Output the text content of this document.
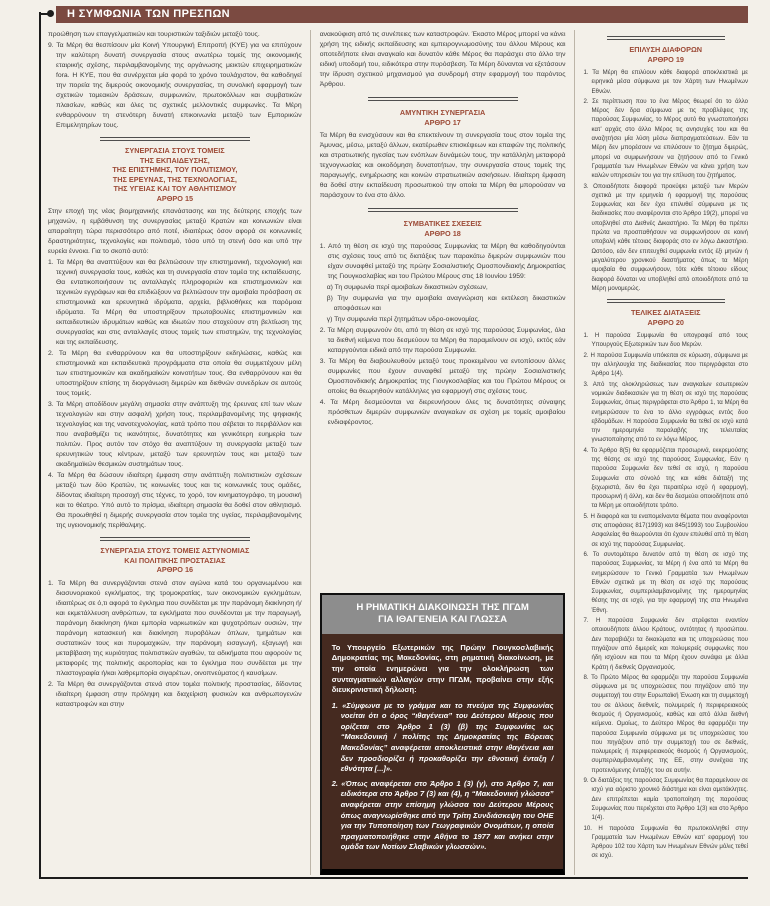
Η ΣΥΜΦΩΝΙΑ ΤΩΝ ΠΡΕΣΠΩΝ

προώθηση των επαγγελματικών και τουριστικών ταξιδιών μεταξύ τους.

9. Τα Μέρη θα θεσπίσουν μία Κοινή Υπουργική Επιτροπή (ΚΥΕ) για να επιτύχουν την καλύτερη δυνατή συνεργασία στους ανωτέρω τομείς της οικονομικής εταιρικής σχέσης, περιλαμβανομένης της οργάνωσης μεικτών επιχειρηματικών fora. Η ΚΥΕ, που θα συνέρχεται μία φορά το χρόνο τουλάχιστον, θα καθοδηγεί την πορεία της διμερούς οικονομικής συνεργασίας, τη συνολική εφαρμογή των σχετικών τομεακών δράσεων, συμφωνιών, πρωτοκόλλων και συμβατικών πλαισίων, καθώς και όλες τις σχετικές μελλοντικές συμφωνίες. Τα Μέρη ενθαρρύνουν τη στενότερη δυνατή επικοινωνία μεταξύ των Εμπορικών Επιμελητηρίων τους.

ΣΥΝΕΡΓΑΣΙΑ ΣΤΟΥΣ ΤΟΜΕΙΣ
ΤΗΣ ΕΚΠΑΙΔΕΥΣΗΣ,
ΤΗΣ ΕΠΙΣΤΗΜΗΣ, ΤΟΥ ΠΟΛΙΤΙΣΜΟΥ,
ΤΗΣ ΕΡΕΥΝΑΣ, ΤΗΣ ΤΕΧΝΟΛΟΓΙΑΣ,
ΤΗΣ ΥΓΕΙΑΣ ΚΑΙ ΤΟΥ ΑΘΛΗΤΙΣΜΟΥ
ΑΡΘΡΟ 15

Στην εποχή της νέας βιομηχανικής επανάστασης και της δεύτερης εποχής των μηχανών, η εμβάθυνση της συνεργασίας μεταξύ Κρατών και κοινωνιών είναι απαραίτητη τώρα περισσότερο από ποτέ, ιδιαιτέρως όσον αφορά σε κοινωνικές δραστηριότητες, τεχνολογίες και πολιτισμό, τόσο υπό τη στενή όσο και υπό την ευρεία έννοια. Για το σκοπό αυτό:

1. Τα Μέρη θα αναπτύξουν και θα βελτιώσουν την επιστημονική, τεχνολογική και τεχνική συνεργασία τους, καθώς και τη συνεργασία στον τομέα της εκπαίδευσης. Θα εντατικοποιήσουν τις ανταλλαγές πληροφοριών και επιστημονικών και τεχνικών εγγράφων και θα επιδιώξουν να βελτιώσουν την αμοιβαία πρόσβαση σε επιστημονικά και ερευνητικά ιδρύματα, αρχεία, βιβλιοθήκες και παρόμοια ιδρύματα. Τα Μέρη θα υποστηρίξουν πρωτοβουλίες επιστημονικών και εκπαιδευτικών ιδρυμάτων καθώς και ιδιωτών που στοχεύουν στη βελτίωση της συνεργασίας και στις ανταλλαγές στους τομείς των επιστημών, της τεχνολογίας και της εκπαίδευσης.

2. Τα Μέρη θα ενθαρρύνουν και θα υποστηρίξουν εκδηλώσεις, καθώς και επιστημονικά και εκπαιδευτικά προγράμματα στα οποία θα συμμετέχουν μέλη των επιστημονικών και ακαδημαϊκών κοινοτήτων τους. Θα ενθαρρύνουν και θα υποστηρίζουν επίσης τη διοργάνωση διμερών και διεθνών συνεδρίων σε αυτούς τους τομείς.

3. Τα Μέρη αποδίδουν μεγάλη σημασία στην ανάπτυξη της έρευνας επί των νέων τεχνολογιών και στην ασφαλή χρήση τους, περιλαμβανομένης της ψηφιακής τεχνολογίας και της νανοτεχνολογίας, κατά τρόπο που σέβεται το περιβάλλον και που αναβαθμίζει τις ικανότητες, δυνατότητες και γενικότερη ευημερία των πολιτών. Προς αυτόν τον στόχο θα αναπτύξουν τη συνεργασία μεταξύ των ερευνητικών τους κέντρων, μεταξύ των ερευνητών τους και μεταξύ των ακαδημαϊκών θεσμικών συστημάτων τους.

4. Τα Μέρη θα δώσουν ιδιαίτερη έμφαση στην ανάπτυξη πολιτιστικών σχέσεων μεταξύ των δύο Κρατών, τις κοινωνίες τους και τις κοινωνικές τους ομάδες, δίδοντας ιδιαίτερη προσοχή στις τέχνες, το χορό, τον κινηματογράφο, τη μουσική και το θέατρο. Υπό αυτό το πρίσμα, ιδιαίτερη σημασία θα δοθεί στον αθλητισμό. Θα προωθηθεί η διμερής συνεργασία στον τομέα της υγείας, περιλαμβανομένης της υγειονομικής περίθαλψης.

ΣΥΝΕΡΓΑΣΙΑ ΣΤΟΥΣ ΤΟΜΕΙΣ ΑΣΤΥΝΟΜΙΑΣ
ΚΑΙ ΠΟΛΙΤΙΚΗΣ ΠΡΟΣΤΑΣΙΑΣ
ΑΡΘΡΟ 16

1. Τα Μέρη θα συνεργάζονται στενά στον αγώνα κατά του οργανωμένου και διασυνοριακού εγκλήματος, της τρομοκρατίας, των οικονομικών εγκλημάτων, ιδιαιτέρως σε ό,τι αφορά το έγκλημα που συνδέεται με την παράνομη διακίνηση ή/ και εκμετάλλευση ανθρώπων, τα εγκλήματα που συνδέονται με την παραγωγή, παράνομη διακίνηση ή/και εμπορία ναρκωτικών και ψυχοτρόπων ουσιών, την παράνομη κατασκευή και διακίνηση πυροβόλων όπλων, τμημάτων και συστατικών τους και πυρομαχικών, την παράνομη εισαγωγή, εξαγωγή και μεταβίβαση της κυριότητας πολιτιστικών αγαθών, τα αδικήματα που αφορούν τις μεταφορές της πολιτικής αεροπορίας και το έγκλημα που συνδέεται με την πλαστογραφία ή/και λαθρεμπορία σιγαρέτων, οινοπνεύματος ή καυσίμων.

2. Τα Μέρη θα συνεργάζονται στενά στον τομέα πολιτικής προστασίας, δίδοντας ιδιαίτερη έμφαση στην πρόληψη και διαχείριση φυσικών και ανθρωπογενών καταστροφών και στην

ανακούφιση από τις συνέπειες των καταστροφών. Έκαστο Μέρος μπορεί να κάνει χρήση της ειδικής εκπαίδευσης και εμπειρογνωμοσύνης του άλλου Μέρους και οποτεδήποτε είναι αναγκαίο και δυνατόν κάθε Μέρος θα παράσχει στο άλλο την ειδική υποδομή του, ειδικότερα στην πυρόσβεση. Τα Μέρη δύνανται να εξετάσουν την ίδρυση σχετικού μηχανισμού για συνδρομή στην εφαρμογή του παρόντος Άρθρου.

ΑΜΥΝΤΙΚΗ ΣΥΝΕΡΓΑΣΙΑ
ΑΡΘΡΟ 17

Τα Μέρη θα ενισχύσουν και θα επεκτείνουν τη συνεργασία τους στον τομέα της Άμυνας, μέσω, μεταξύ άλλων, εκατέρωθεν επισκέψεων και επαφών της πολιτικής και στρατιωτικής ηγεσίας των ενόπλων δυνάμεών τους, την κατάλληλη μεταφορά τεχνογνωσίας και οικοδόμηση δυνατοτήτων, την συνεργασία στους τομείς της παραγωγής, ενημέρωσης και κοινών στρατιωτικών ασκήσεων. Ιδιαίτερη έμφαση θα δοθεί στην εκπαίδευση προσωπικού την οποία τα Μέρη θα μπορούσαν να παράσχουν το ένα στο άλλο.

ΣΥΜΒΑΤΙΚΕΣ ΣΧΕΣΕΙΣ
ΑΡΘΡΟ 18

1. Από τη θέση σε ισχύ της παρούσας Συμφωνίας τα Μέρη θα καθοδηγούνται στις σχέσεις τους από τις διατάξεις των παρακάτω διμερών συμφωνιών που είχαν συναφθεί μεταξύ της πρώην Σοσιαλιστικής Ομοσπονδιακής Δημοκρατίας της Γιουγκοσλαβίας και του Πρώτου Μέρους στις 18 Ιουνίου 1959:

α) Τη συμφωνία περί αμοιβαίων δικαστικών σχέσεων,

β) Την συμφωνία για την αμοιβαία αναγνώριση και εκτέλεση δικαστικών αποφάσεων και

γ) Την συμφωνία περί ζητημάτων υδρο-οικονομίας.

2. Τα Μέρη συμφωνούν ότι, από τη θέση σε ισχύ της παρούσας Συμφωνίας, όλα τα διεθνή κείμενα που δεσμεύουν τα Μέρη θα παραμείνουν σε ισχύ, εκτός εάν καταργούνται ειδικά από την παρούσα Συμφωνία.

3. Τα Μέρη θα διαβουλευθούν μεταξύ τους προκειμένου να εντοπίσουν άλλες συμφωνίες που έχουν συναφθεί μεταξύ της πρώην Σοσιαλιστικής Ομοσπονδιακής Δημοκρατίας της Γιουγκοσλαβίας και του Πρώτου Μέρους οι οποίες θα θεωρηθούν κατάλληλες για εφαρμογή στις σχέσεις τους.

4. Τα Μέρη δεσμεύονται να διερευνήσουν όλες τις δυνατότητες σύναψης πρόσθετων διμερών συμφωνιών αναγκαίων σε σχέση με τομείς αμοιβαίου ενδιαφέροντος.

Η ΡΗΜΑΤΙΚΗ ΔΙΑΚΟΙΝΩΣΗ ΤΗΣ ΠΓΔΜ
ΓΙΑ ΙΘΑΓΕΝΕΙΑ ΚΑΙ ΓΛΩΣΣΑ

Το Υπουργείο Εξωτερικών της Πρώην Γιουγκοσλαβικής Δημοκρατίας της Μακεδονίας, στη ρηματική διακοίνωση, με την οποία ενημερώνει για την ολοκλήρωση των συνταγματικών αλλαγών στην ΠΓΔΜ, προβαίνει στην εξής διευκρινιστική δήλωση:

1. «Σύμφωνα με το γράμμα και το πνεύμα της Συμφωνίας νοείται ότι ο όρος “ιθαγένεια” του Δεύτερου Μέρους που ορίζεται στο Άρθρο 1 (3) (β) της Συμφωνίας ως “Μακεδονική / πολίτης της Δημοκρατίας της Βόρειας Μακεδονίας” αναφέρεται αποκλειστικά στην ιθαγένεια και δεν προσδιορίζει ή προκαθορίζει την εθνοτική ένταξη / εθνότητα [...]».

2. «Όπως αναφέρεται στο Άρθρο 1 (3) (γ), στο Άρθρο 7, και ειδικότερα στο Άρθρο 7 (3) και (4), η “Μακεδονική γλώσσα” αναφέρεται στην επίσημη γλώσσα του Δεύτερου Μέρους όπως αναγνωρίσθηκε από την Τρίτη Συνδιάσκεψη του ΟΗΕ για την Τυποποίηση των Γεωγραφικών Ονομάτων, η οποία πραγματοποιήθηκε στην Αθήνα το 1977 και ανήκει στην ομάδα των Νοτίων Σλαβικών γλωσσών».

ΕΠΙΛΥΣΗ ΔΙΑΦΟΡΩΝ
ΑΡΘΡΟ 19

1. Τα Μέρη θα επιλύουν κάθε διαφορά αποκλειστικά με ειρηνικά μέσα σύμφωνα με τον Χάρτη των Ηνωμένων Εθνών.

2. Σε περίπτωση που το ένα Μέρος θεωρεί ότι το άλλο Μέρος δεν δρα σύμφωνα με τις προβλέψεις της παρούσας Συμφωνίας, το Μέρος αυτό θα γνωστοποιήσει κατ’ αρχάς στο άλλο Μέρος τις ανησυχίες του και θα αναζητήσει μία λύση μέσω διαπραγματεύσεων. Εάν τα Μέρη δεν μπορέσουν να επιλύσουν το ζήτημα διμερώς, μπορεί να συμφωνήσουν να ζητήσουν από το Γενικό Γραμματέα των Ηνωμένων Εθνών να κάνει χρήση των καλών υπηρεσιών του για την επίλυση του ζητήματος.

3. Οποιαδήποτε διαφορά προκύψει μεταξύ των Μερών σχετικά με την ερμηνεία ή εφαρμογή της παρούσας Συμφωνίας και δεν έχει επιλυθεί σύμφωνα με τις διαδικασίες που αναφέρονται στο Άρθρο 19(2), μπορεί να υποβληθεί στο Διεθνές Δικαστήριο. Τα Μέρη θα πρέπει πρώτα να προσπαθήσουν να συμφωνήσουν σε κοινή υποβολή κάθε τέτοιας διαφοράς στο εν λόγω Δικαστήριο. Ωστόσο, εάν δεν επιτευχθεί συμφωνία εντός έξι μηνών ή μεγαλύτερου χρονικού διαστήματος όπως τα Μέρη αμοιβαία θα συμφωνήσουν, τότε κάθε τέτοιου είδους διαφορά δύναται να υποβληθεί από οποιοδήποτε από τα Μέρη μονομερώς.

ΤΕΛΙΚΕΣ ΔΙΑΤΑΞΕΙΣ
ΑΡΘΡΟ 20

1. Η παρούσα Συμφωνία θα υπογραφεί από τους Υπουργούς Εξωτερικών των δυο Μερών.

2. Η παρούσα Συμφωνία υπόκειται σε κύρωση, σύμφωνα με την αλληλουχία της διαδικασίας που περιγράφεται στο Άρθρο 1(4).

3. Από της ολοκληρώσεως των αναγκαίων εσωτερικών νομικών διαδικασιών για τη θέση σε ισχύ της παρούσας Συμφωνίας, όπως περιγράφεται στο Άρθρο 1, τα Μέρη θα ενημερώσουν το ένα το άλλο εγγράφως εντός δυο εβδομάδων. Η παρούσα Συμφωνία θα τεθεί σε ισχύ κατά την ημερομηνία παραλαβής της τελευταίας γνωστοποίησης από το εν λόγω Μέρος.

4. Το Άρθρο 8(5) θα εφαρμόζεται προσωρινά, εκκρεμούσης της θέσης σε ισχύ της παρούσας Συμφωνίας. Εάν η παρούσα Συμφωνία δεν τεθεί σε ισχύ, η παρούσα Συμφωνία στο σύνολό της και κάθε διάταξή της ξεχωριστά, δεν θα έχει περαιτέρω ισχύ ή εφαρμογή, προσωρινή ή άλλη, και δεν θα δεσμεύει οποιοδήποτε από τα Μέρη με οποιοδήποτε τρόπο.

5. Η διαφορά και τα εναπομείναντα θέματα που αναφέρονται στις αποφάσεις 817(1993) και 845(1993) του Συμβουλίου Ασφαλείας θα θεωρούνται ότι έχουν επιλυθεί από τη θέση σε ισχύ της παρούσας Συμφωνίας.

6. Το συντομότερο δυνατόν από τη θέση σε ισχύ της παρούσας Συμφωνίας, τα Μέρη ή ένα από τα Μέρη θα ενημερώσουν το Γενικό Γραμματέα των Ηνωμένων Εθνών σχετικά με τη θέση σε ισχύ της παρούσας Συμφωνίας, συμπεριλαμβανομένης της ημερομηνίας θέσης της σε ισχύ, για την εφαρμογή της στα Ηνωμένα Έθνη.

7. Η παρούσα Συμφωνία δεν στρέφεται εναντίον οποιουδήποτε άλλου Κράτους, οντότητας ή προσώπου. Δεν παραβιάζει τα δικαιώματα και τις υποχρεώσεις που πηγάζουν από διμερείς και πολυμερείς συμφωνίες που ήδη ισχύουν και που τα Μέρη έχουν συνάψει με άλλα Κράτη ή διεθνείς Οργανισμούς.

8. Το Πρώτο Μέρος θα εφαρμόζει την παρούσα Συμφωνία σύμφωνα με τις υποχρεώσεις που πηγάζουν από την συμμετοχή του στην Ευρωπαϊκή Ένωση και τη συμμετοχή του σε άλλους διεθνείς, πολυμερείς ή περιφερειακούς θεσμούς ή Οργανισμούς, καθώς και από άλλα διεθνή κείμενα. Ομοίως, το Δεύτερο Μέρος θα εφαρμόζει την παρούσα Συμφωνία σύμφωνα με τις υποχρεώσεις του που πηγάζουν από την συμμετοχή του σε διεθνείς, πολυμερείς ή περιφερειακούς θεσμούς ή Οργανισμούς, συμπεριλαμβανομένης της ΕΕ, στην συνέχεια της προτεινόμενης ένταξής του σε αυτήν.

9. Οι διατάξεις της παρούσας Συμφωνίας θα παραμείνουν σε ισχύ για αόριστο χρονικό διάστημα και είναι αμετάκλητες. Δεν επιτρέπεται καμία τροποποίηση της παρούσας Συμφωνίας που περιέχεται στο Άρθρο 1(3) και στο Άρθρο 1(4).

10. Η παρούσα Συμφωνία θα πρωτοκολληθεί στην Γραμματεία των Ηνωμένων Εθνών κατ’ εφαρμογή του Άρθρου 102 του Χάρτη των Ηνωμένων Εθνών μόλις τεθεί σε ισχύ.
